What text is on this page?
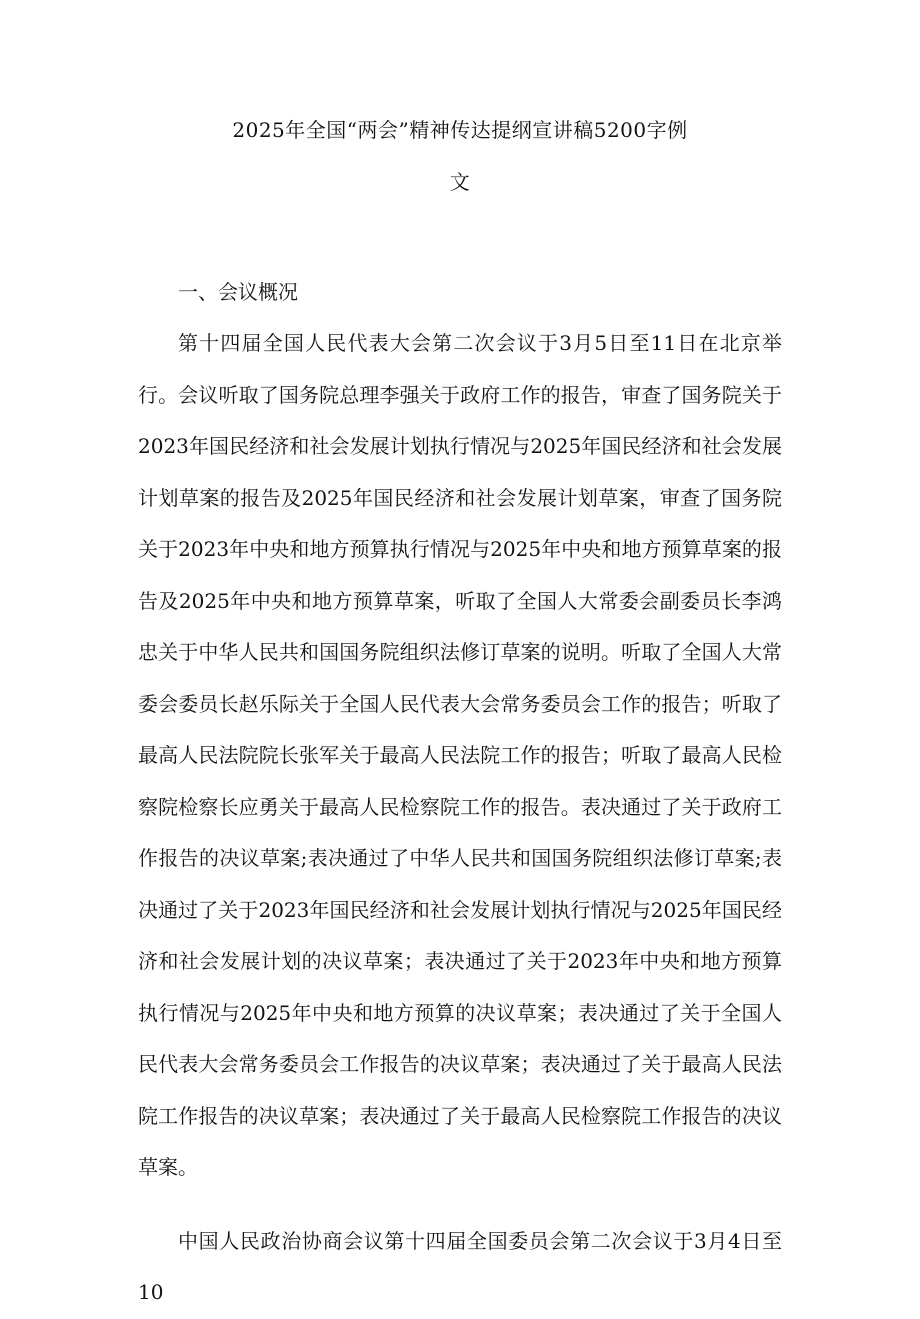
2025年全国“两会”精神传达提纲宣讲稿5200字例

文

一、会议概况

第十四届全国人民代表大会第二次会议于3月5日至11日在北京举行。会议听取了国务院总理李强关于政府工作的报告，审查了国务院关于2023年国民经济和社会发展计划执行情况与2025年国民经济和社会发展计划草案的报告及2025年国民经济和社会发展计划草案，审查了国务院关于2023年中央和地方预算执行情况与2025年中央和地方预算草案的报告及2025年中央和地方预算草案，听取了全国人大常委会副委员长李鸿忠关于中华人民共和国国务院组织法修订草案的说明。听取了全国人大常委会委员长赵乐际关于全国人民代表大会常务委员会工作的报告；听取了最高人民法院院长张军关于最高人民法院工作的报告；听取了最高人民检察院检察长应勇关于最高人民检察院工作的报告。表决通过了关于政府工作报告的决议草案;表决通过了中华人民共和国国务院组织法修订草案;表决通过了关于2023年国民经济和社会发展计划执行情况与2025年国民经济和社会发展计划的决议草案；表决通过了关于2023年中央和地方预算执行情况与2025年中央和地方预算的决议草案；表决通过了关于全国人民代表大会常务委员会工作报告的决议草案；表决通过了关于最高人民法院工作报告的决议草案；表决通过了关于最高人民检察院工作报告的决议草案。

中国人民政治协商会议第十四届全国委员会第二次会议于3月4日至10
